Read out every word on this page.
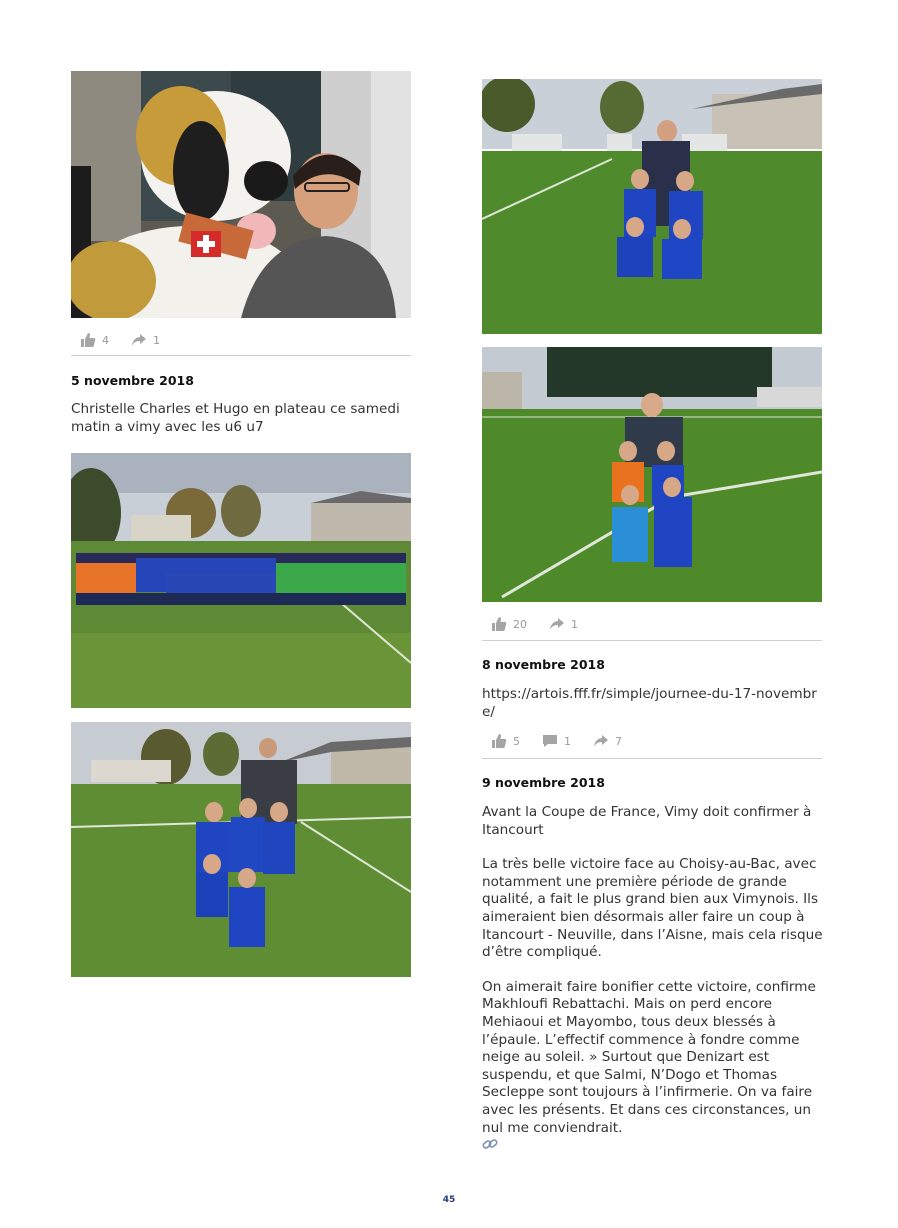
4	1
5 novembre 2018
Christelle Charles et Hugo en plateau ce samedi matin a vimy avec les u6 u7
20	1
8 novembre 2018
https://artois.fff.fr/simple/journee-du-17-novembr
e/
5	1	7
9 novembre 2018

Avant la Coupe de France, Vimy doit confirmer à
Itancourt

La très belle victoire face au Choisy-au-Bac, avec
notamment une première période de grande
qualité, a fait le plus grand bien aux Vimynois. Ils
aimeraient bien désormais aller faire un coup à
Itancourt - Neuville, dans l’Aisne, mais cela risque
d’être compliqué.

On aimerait faire bonifier cette victoire, confirme
Makhloufi Rebattachi. Mais on perd encore
Mehiaoui et Mayombo, tous deux blessés à
l’épaule. L’effectif commence à fondre comme
neige au soleil. » Surtout que Denizart est
suspendu, et que Salmi, N’Dogo et Thomas
Secleppe sont toujours à l’infirmerie. On va faire
avec les présents. Et dans ces circonstances, un
nul me conviendrait.

45
